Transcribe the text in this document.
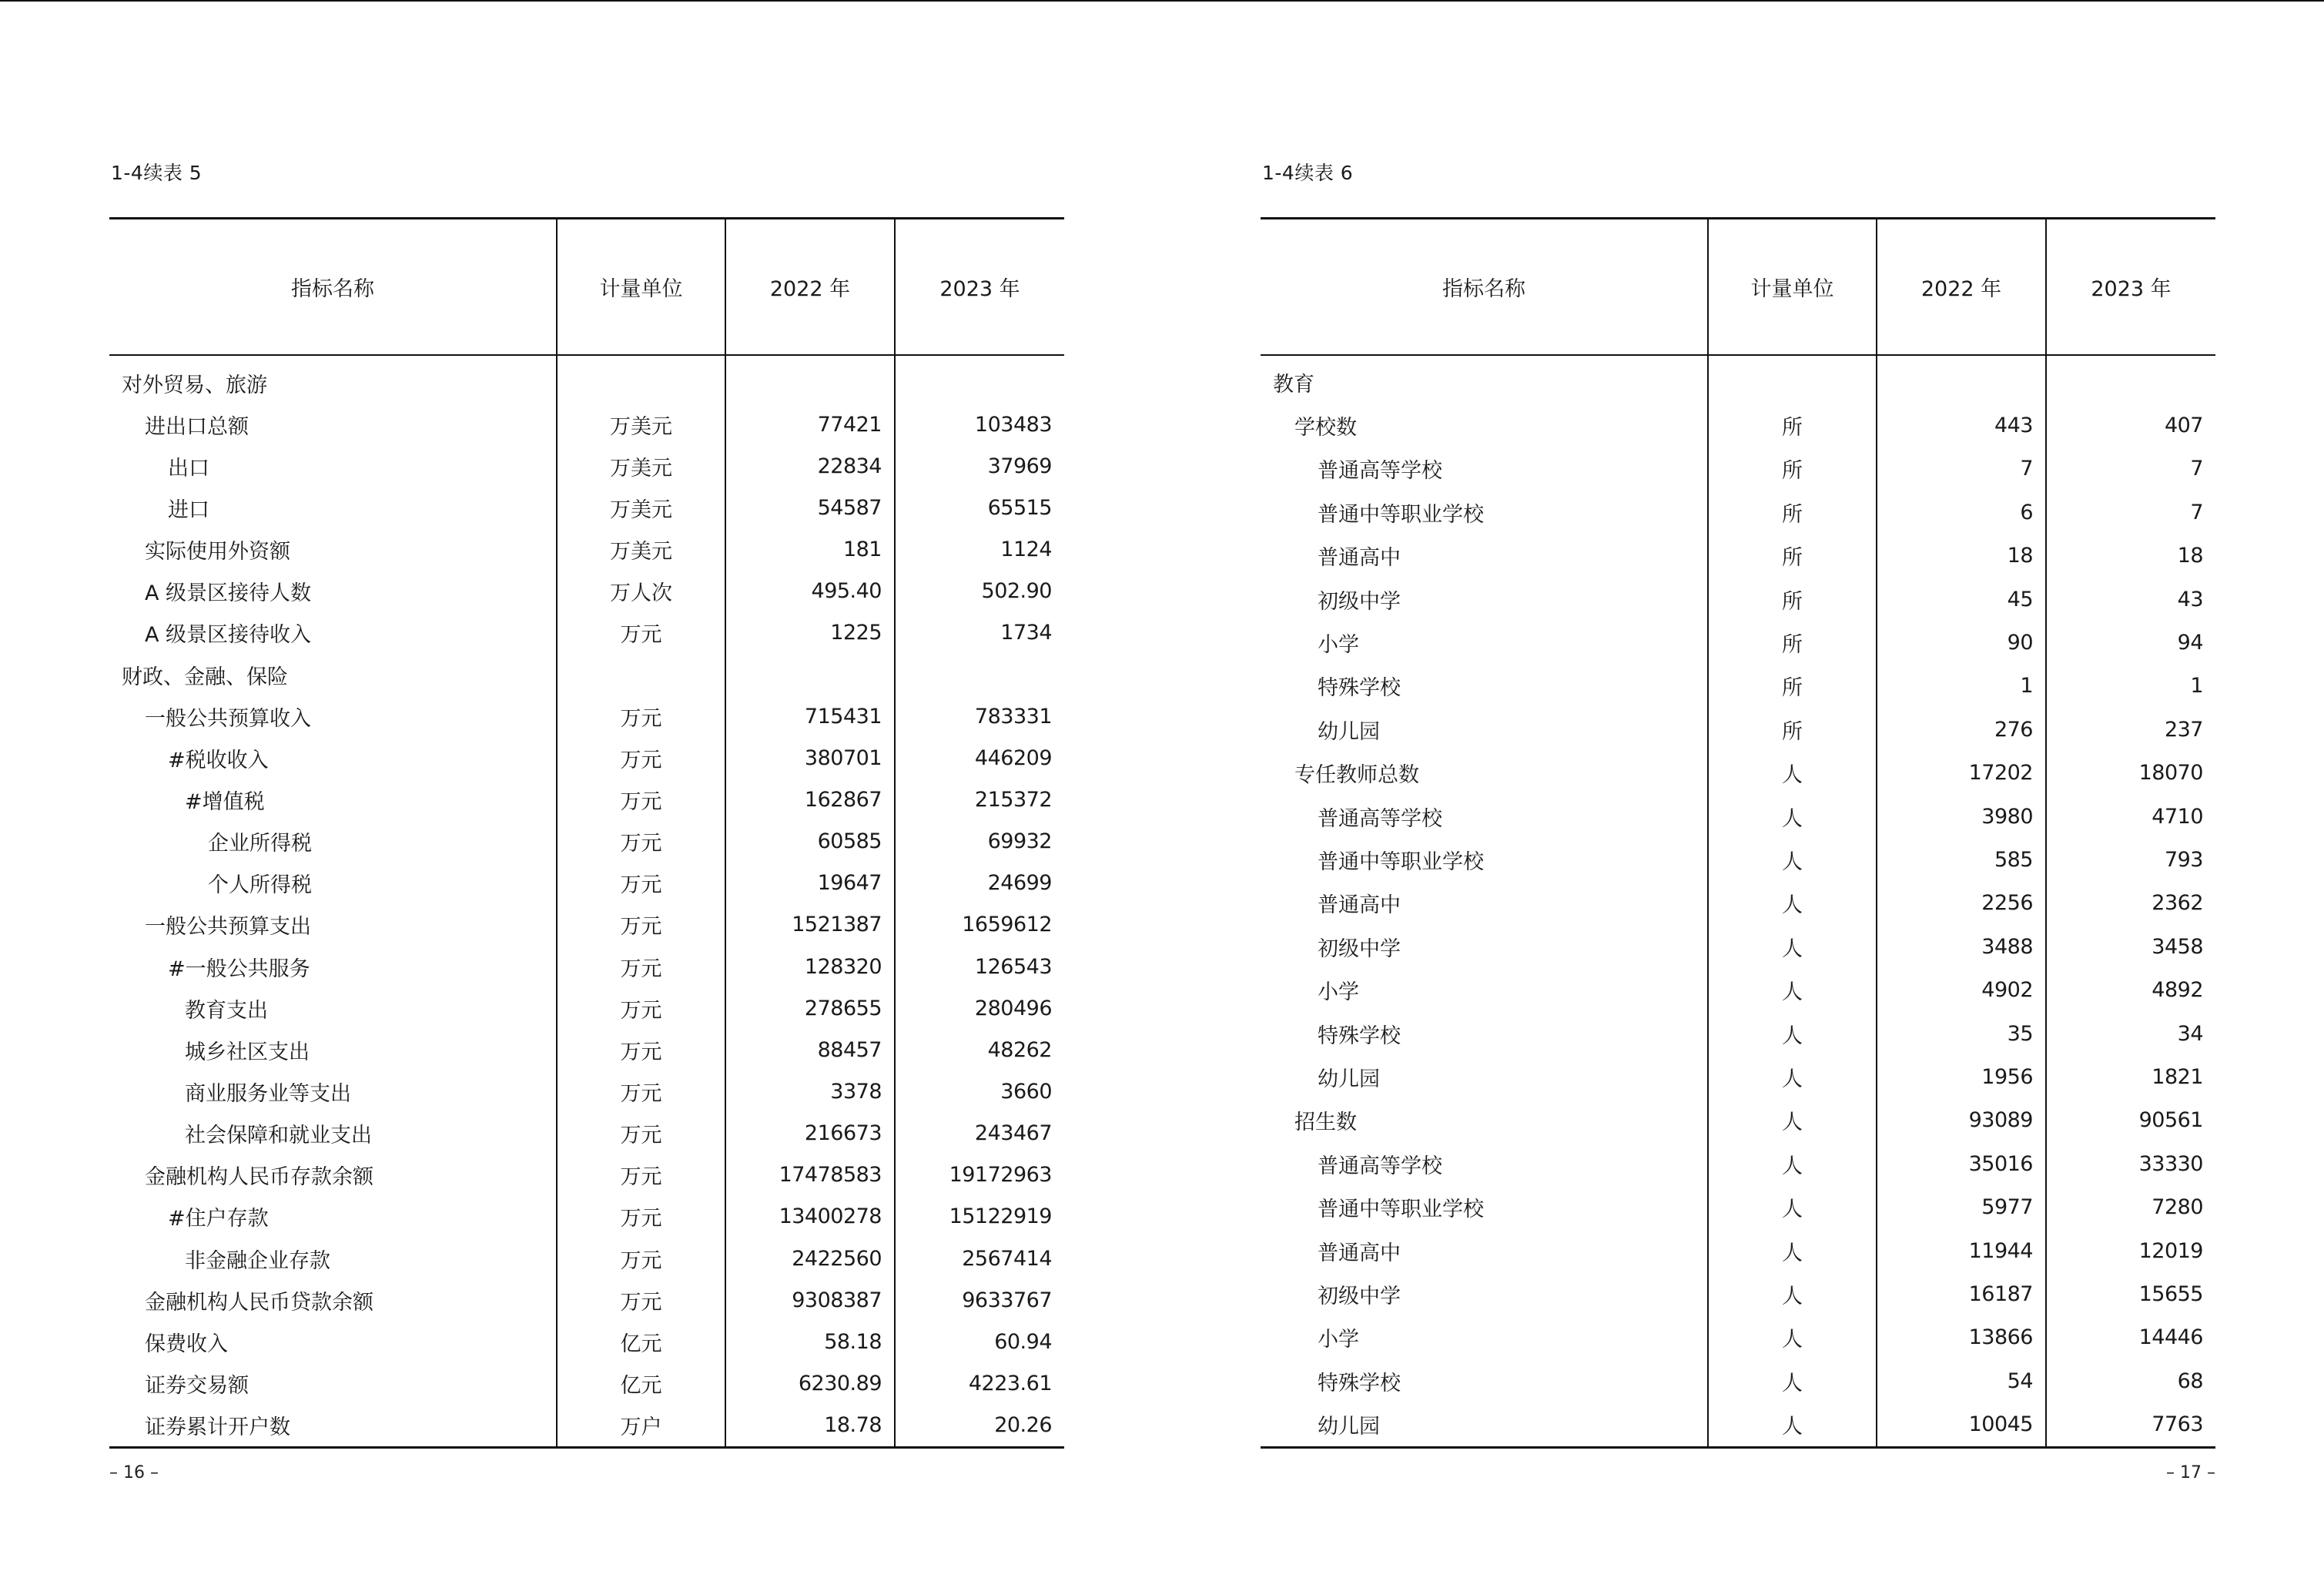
1-4续表 5
指标名称	计量单位	2022 年	2023 年
对外贸易、旅游			
进出口总额	万美元	77421	103483
出口	万美元	22834	37969
进口	万美元	54587	65515
实际使用外资额	万美元	181	1124
A 级景区接待人数	万人次	495.40	502.90
A 级景区接待收入	万元	1225	1734
财政、金融、保险			
一般公共预算收入	万元	715431	783331
#税收收入	万元	380701	446209
#增值税	万元	162867	215372
企业所得税	万元	60585	69932
个人所得税	万元	19647	24699
一般公共预算支出	万元	1521387	1659612
#一般公共服务	万元	128320	126543
教育支出	万元	278655	280496
城乡社区支出	万元	88457	48262
商业服务业等支出	万元	3378	3660
社会保障和就业支出	万元	216673	243467
金融机构人民币存款余额	万元	17478583	19172963
#住户存款	万元	13400278	15122919
非金融企业存款	万元	2422560	2567414
金融机构人民币贷款余额	万元	9308387	9633767
保费收入	亿元	58.18	60.94
证券交易额	亿元	6230.89	4223.61
证券累计开户数	万户	18.78	20.26

– 16 –

1-4续表 6
指标名称	计量单位	2022 年	2023 年
教育			
学校数	所	443	407
普通高等学校	所	7	7
普通中等职业学校	所	6	7
普通高中	所	18	18
初级中学	所	45	43
小学	所	90	94
特殊学校	所	1	1
幼儿园	所	276	237
专任教师总数	人	17202	18070
普通高等学校	人	3980	4710
普通中等职业学校	人	585	793
普通高中	人	2256	2362
初级中学	人	3488	3458
小学	人	4902	4892
特殊学校	人	35	34
幼儿园	人	1956	1821
招生数	人	93089	90561
普通高等学校	人	35016	33330
普通中等职业学校	人	5977	7280
普通高中	人	11944	12019
初级中学	人	16187	15655
小学	人	13866	14446
特殊学校	人	54	68
幼儿园	人	10045	7763

– 17 –
